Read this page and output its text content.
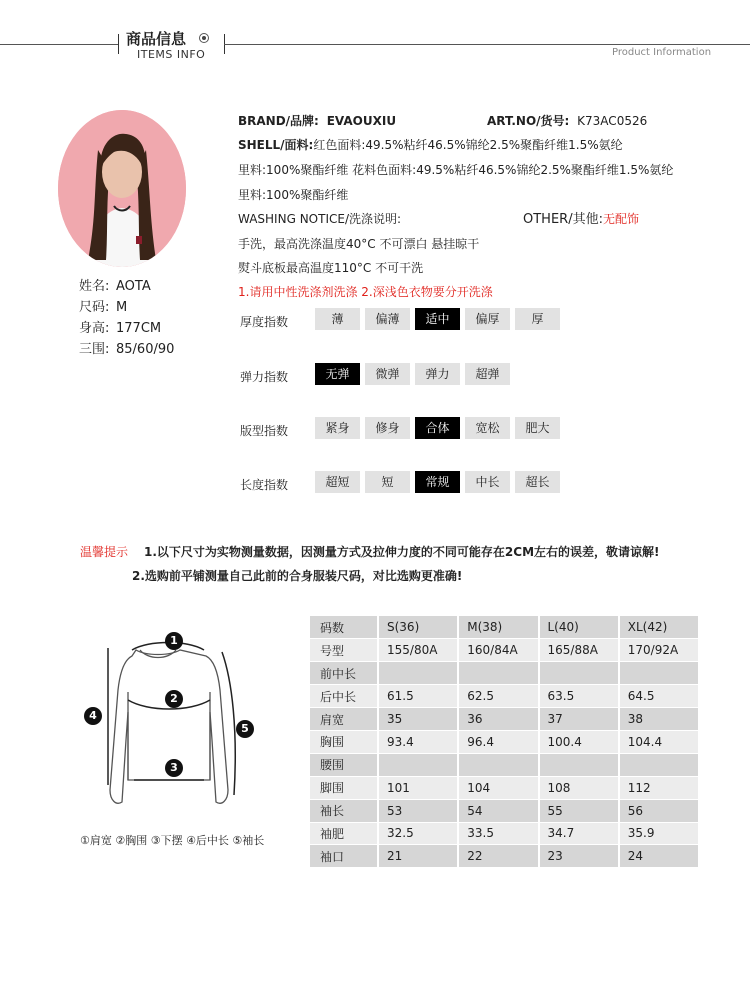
商品信息
ITEMS INFO	Product Information
姓名: AOTA
尺码: M
身高: 177CM
三围: 85/60/90
BRAND/品牌: EVAOUXIU	ART.NO/货号: K73AC0526
SHELL/面料:红色面料:49.5%粘纤46.5%锦纶2.5%聚酯纤维1.5%氨纶
里料:100%聚酯纤维 花料色面料:49.5%粘纤46.5%锦纶2.5%聚酯纤维1.5%氨纶
里料:100%聚酯纤维
WASHING NOTICE/洗涤说明:	OTHER/其他:无配饰
手洗，最高洗涤温度40°C 不可漂白 悬挂晾干
熨斗底板最高温度110°C 不可干洗
1.请用中性洗涤剂洗涤 2.深浅色衣物要分开洗涤
厚度指数	薄	偏薄	适中	偏厚	厚
弹力指数	无弹	微弹	弹力	超弹
版型指数	紧身	修身	合体	宽松	肥大
长度指数	超短	短	常规	中长	超长
温馨提示 1.以下尺寸为实物测量数据，因测量方式及拉伸力度的不同可能存在2CM左右的误差，敬请谅解!
2.选购前平铺测量自己此前的合身服装尺码，对比选购更准确!
1
2
3
4
5
①肩宽 ②胸围 ③下摆 ④后中长 ⑤袖长
码数	S(36)	M(38)	L(40)	XL(42)
号型	155/80A	160/84A	165/88A	170/92A
前中长				
后中长	61.5	62.5	63.5	64.5
肩宽	35	36	37	38
胸围	93.4	96.4	100.4	104.4
腰围				
脚围	101	104	108	112
袖长	53	54	55	56
袖肥	32.5	33.5	34.7	35.9
袖口	21	22	23	24
